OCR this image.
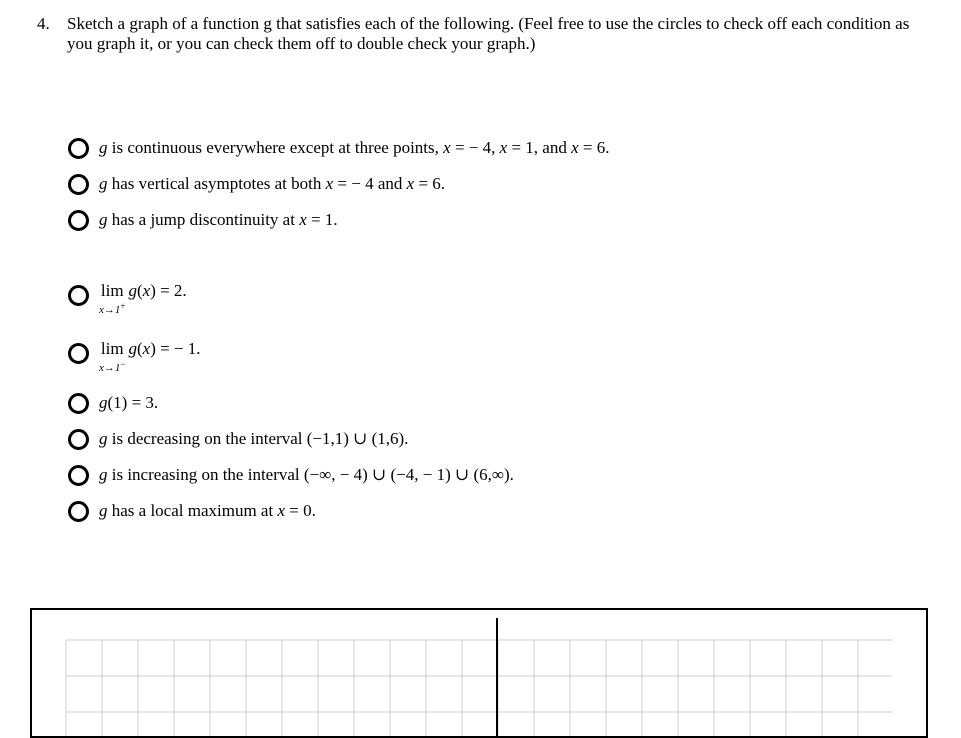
4. Sketch a graph of a function g that satisfies each of the following. (Feel free to use the circles to check off each condition as you graph it, or you can check them off to double check your graph.)
g is continuous everywhere except at three points, x = − 4, x = 1, and x = 6.
g has vertical asymptotes at both x = − 4 and x = 6.
g has a jump discontinuity at x = 1.
lim
x→1+
g(x) = 2.
lim
x→1−
g(x) = − 1.
g(1) = 3.
g is decreasing on the interval (−1,1) ∪ (1,6).
g is increasing on the interval (−∞, − 4) ∪ (−4, − 1) ∪ (6,∞).
g has a local maximum at x = 0.
